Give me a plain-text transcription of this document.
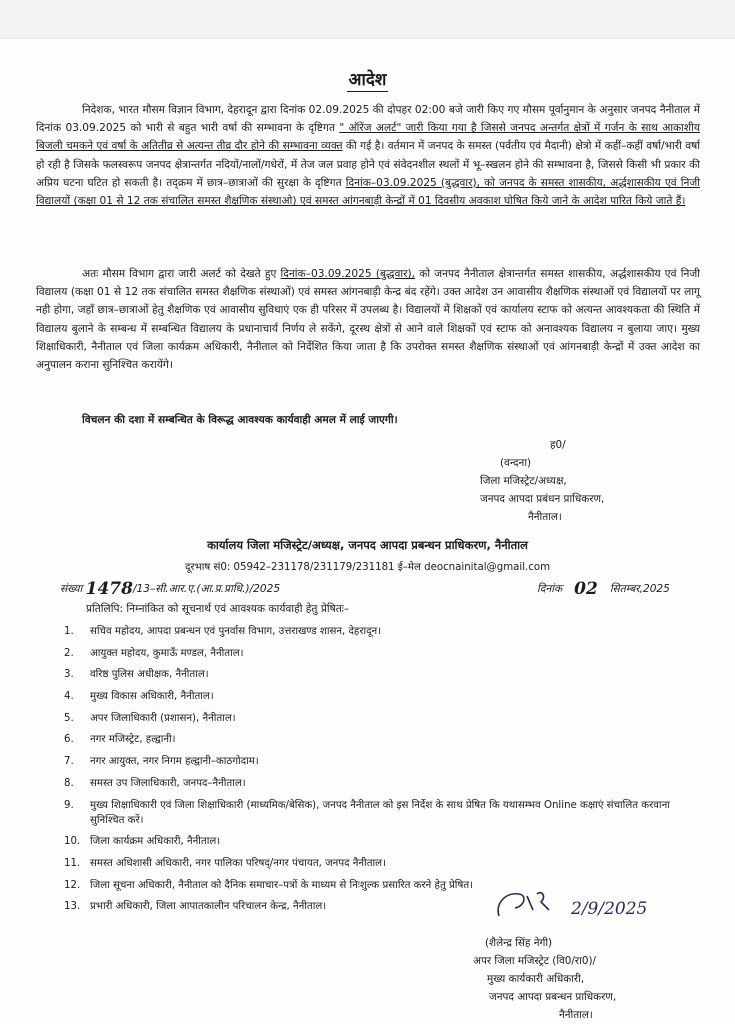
आदेश

निदेशक, भारत मौसम विज्ञान विभाग, देहरादून द्वारा दिनांक 02.09.2025 की दोपहर 02:00 बजे जारी किए गए मौसम पूर्वानुमान के अनुसार जनपद नैनीताल में दिनांक 03.09.2025 को भारी से बहुत भारी वर्षा की सम्भावना के दृष्टिगत " ऑरेंज अलर्ट" जारी किया गया है जिससे जनपद अन्तर्गत क्षेत्रों में गर्जन के साथ आकाशीय बिजली चमकने एवं वर्षा के अतितीव्र से अत्यन्त तीव्र दौर होने की सम्भावना व्यक्त की गई है। वर्तमान में जनपद के समस्त (पर्वतीय एवं मैदानी) क्षेत्रो में कहीं–कहीं वर्षा/भारी वर्षा हो रही है जिसके फलस्वरूप जनपद क्षेत्रान्तर्गत नदियों/नालों/गधेरों, में तेज जल प्रवाह होने एवं संवेदनशील स्थलों में भू–स्खलन होने की सम्भावना है, जिससे किसी भी प्रकार की अप्रिय घटना घटित हो सकती है। तद्क्रम में छात्र–छात्राओं की सुरक्षा के दृष्टिगत दिनांक–03.09.2025 (बुद्धवार), को जनपद के समस्त शासकीय, अर्द्धशासकीय एवं निजी विद्यालयों (कक्षा 01 से 12 तक संचालित समस्त शैक्षणिक संस्थाओ) एवं समस्त आंगनबाड़ी केन्द्रों में 01 दिवसीय अवकाश घोषित किये जाने के आदेश पारित किये जाते हैं।

अतः मौसम विभाग द्वारा जारी अलर्ट को देखते हुए दिनांक–03.09.2025 (बुद्धवार), को जनपद नैनीताल क्षेत्रान्तर्गत समस्त शासकीय, अर्द्धशासकीय एवं निजी विद्यालय (कक्षा 01 से 12 तक संचालित समस्त शैक्षणिक संस्थाओं) एवं समस्त आंगनबाड़ी केन्द्र बंद रहेंगे। उक्त आदेश उन आवासीय शैक्षणिक संस्थाओं एवं विद्यालयों पर लागू नही होगा, जहाँ छात्र–छात्राओं हेतु शैक्षणिक एवं आवासीय सुविधाएं एक ही परिसर में उपलब्ध है। विद्यालयों में शिक्षकों एवं कार्यालय स्टाफ को अत्यन्त आवश्यकता की स्थिति में विद्यालय बुलाने के सम्बन्ध में सम्बन्धित विद्यालय के प्रधानाचार्य निर्णय ले सकेंगे, दूरस्थ क्षेत्रों से आने वाले शिक्षकों एवं स्टाफ को अनावश्यक विद्यालय न बुलाया जाए। मुख्य शिक्षाधिकारी, नैनीताल एवं जिला कार्यक्रम अधिकारी, नैनीताल को निर्देशित किया जाता है कि उपरोक्त समस्त शैक्षणिक संस्थाओं एवं आंगनबाड़ी केन्द्रों में उक्त आदेश का अनुपालन कराना सुनिश्चित करायेंगे।

विचलन की दशा में सम्बन्धित के विरूद्ध आवश्यक कार्यवाही अमल में लाई जाएगी।

ह0/
(वन्दना)
जिला मजिस्ट्रेट/अध्यक्ष,
जनपद आपदा प्रबंधन प्राधिकरण,
नैनीताल।
कार्यालय जिला मजिस्ट्रेट/अध्यक्ष, जनपद आपदा प्रबन्धन प्राधिकरण, नैनीताल
दूरभाष सं0: 05942–231178/231179/231181 ई–मेल deocnainital@gmail.com
संख्या 1478/13–सी.आर.ए.(आ.प्र.प्राधि.)/2025	दिनांक 02 सितम्बर,2025
प्रतिलिपि: निम्नांकित को सूचनार्थ एवं आवश्यक कार्यवाही हेतु प्रेषितः–
1. सचिव महोदय, आपदा प्रबन्धन एवं पुनर्वास विभाग, उत्तराखण्ड शासन, देहरादून।
2. आयुक्त महोदय, कुमाऊँ मण्डल, नैनीताल।
3. वरिष्ठ पुलिस अधीक्षक, नैनीताल।
4. मुख्य विकास अधिकारी, नैनीताल।
5. अपर जिलाधिकारी (प्रशासन), नैनीताल।
6. नगर मजिस्ट्रेट, हल्द्वानी।
7. नगर आयुक्त, नगर निगम हल्द्वानी–काठगोदाम।
8. समस्त उप जिलाधिकारी, जनपद–नैनीताल।
9. मुख्य शिक्षाधिकारी एवं जिला शिक्षाधिकारी (माध्यमिक/बेसिक), जनपद नैनीताल को इस निर्देश के साथ प्रेषित कि यथासम्भव Online कक्षाएं संचालित करवाना सुनिश्चित करें।
10. जिला कार्यक्रम अधिकारी, नैनीताल।
11. समस्त अधिशासी अधिकारी, नगर पालिका परिषद्/नगर पंचायत, जनपद नैनीताल।
12. जिला सूचना अधिकारी, नैनीताल को दैनिक समाचार–पत्रों के माध्यम से निःशुल्क प्रसारित करने हेतु प्रेषित।
13. प्रभारी अधिकारी, जिला आपातकालीन परिचालन केन्द्र, नैनीताल।	2/9/2025
(शैलेन्द्र सिंह नेगी)
अपर जिला मजिस्ट्रेट (वि0/रा0)/
मुख्य कार्यकारी अधिकारी,
जनपद आपदा प्रबन्धन प्राधिकरण,
नैनीताल।
